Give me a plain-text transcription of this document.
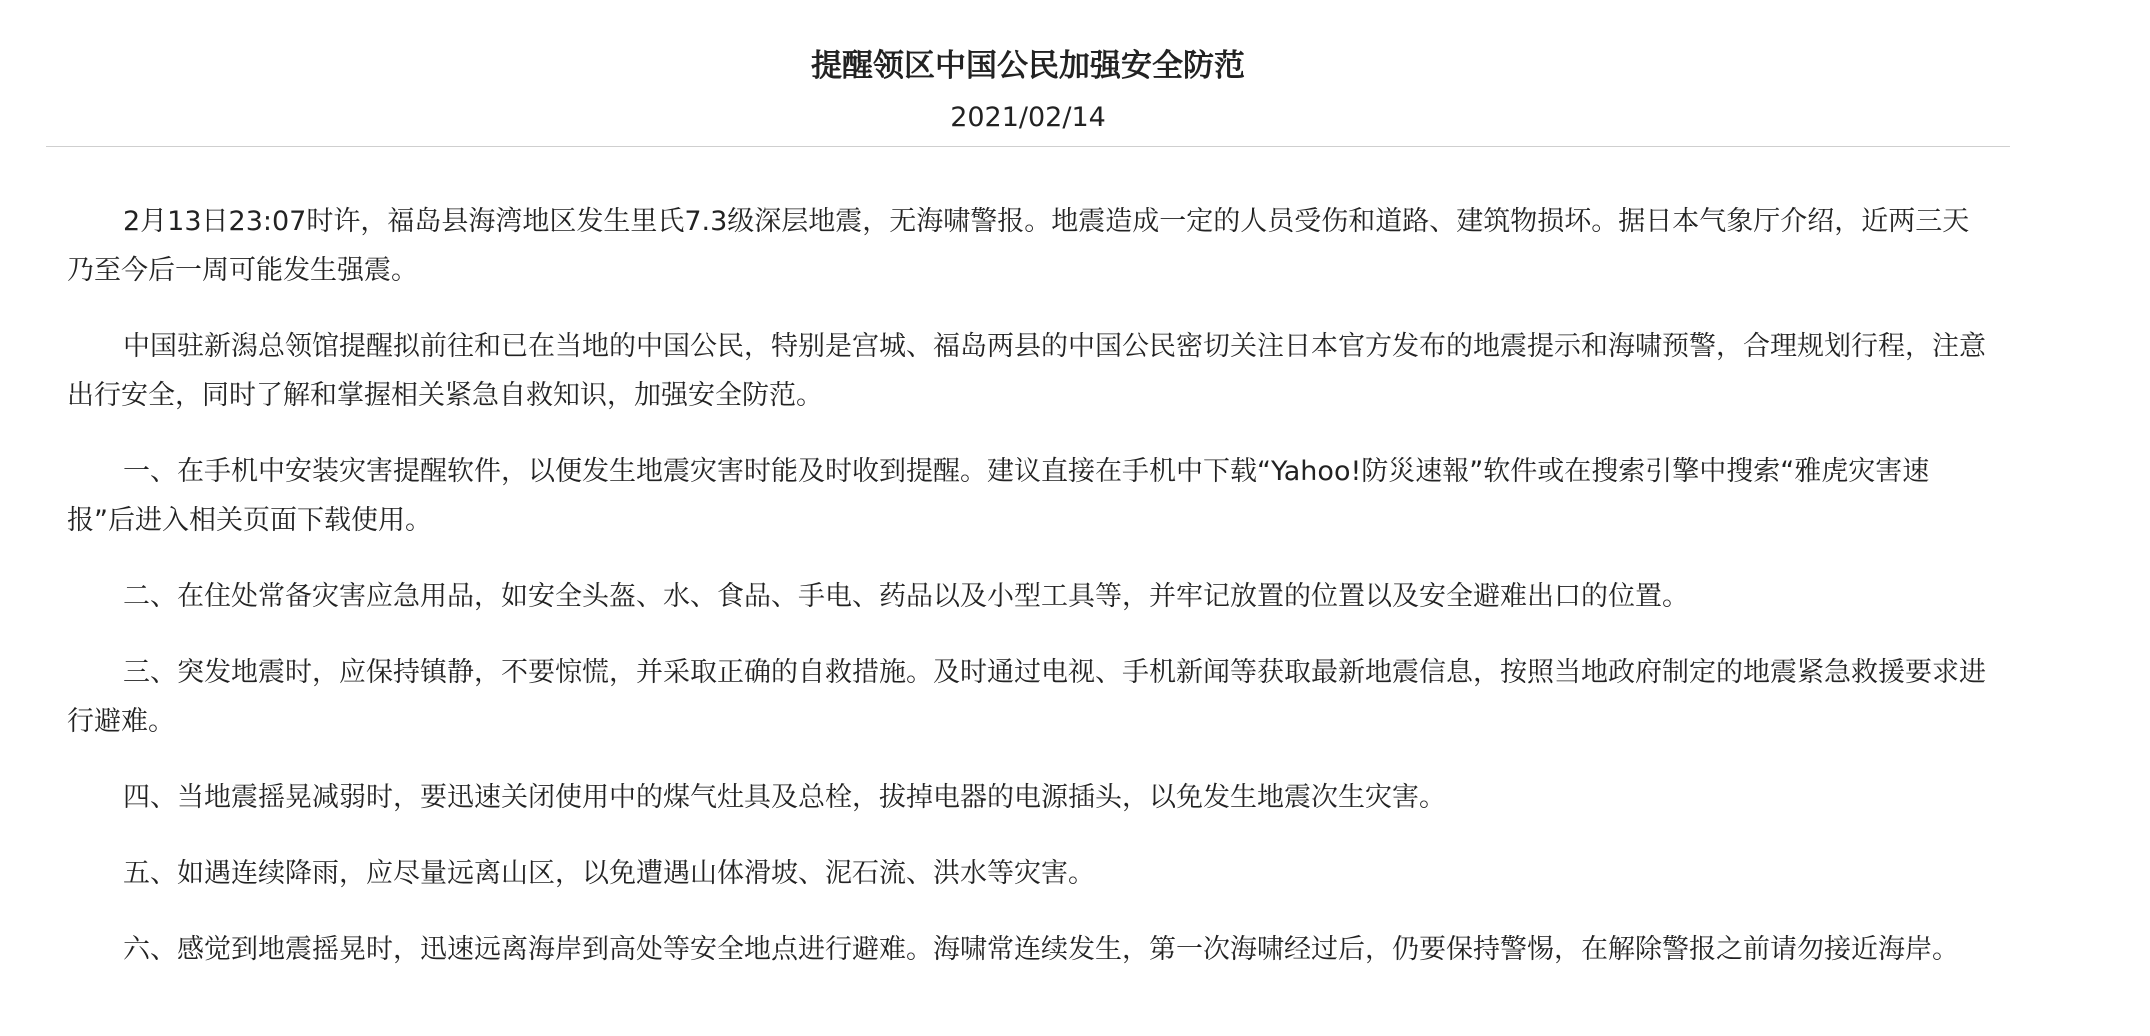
提醒领区中国公民加强安全防范
2021/02/14

2月13日23:07时许，福岛县海湾地区发生里氏7.3级深层地震，无海啸警报。地震造成一定的人员受伤和道路、建筑物损坏。据日本气象厅介绍，近两三天乃至今后一周可能发生强震。

中国驻新潟总领馆提醒拟前往和已在当地的中国公民，特别是宫城、福岛两县的中国公民密切关注日本官方发布的地震提示和海啸预警，合理规划行程，注意出行安全，同时了解和掌握相关紧急自救知识，加强安全防范。

一、在手机中安装灾害提醒软件，以便发生地震灾害时能及时收到提醒。建议直接在手机中下载“Yahoo!防災速報”软件或在搜索引擎中搜索“雅虎灾害速报”后进入相关页面下载使用。

二、在住处常备灾害应急用品，如安全头盔、水、食品、手电、药品以及小型工具等，并牢记放置的位置以及安全避难出口的位置。

三、突发地震时，应保持镇静，不要惊慌，并采取正确的自救措施。及时通过电视、手机新闻等获取最新地震信息，按照当地政府制定的地震紧急救援要求进行避难。

四、当地震摇晃减弱时，要迅速关闭使用中的煤气灶具及总栓，拔掉电器的电源插头，以免发生地震次生灾害。

五、如遇连续降雨，应尽量远离山区，以免遭遇山体滑坡、泥石流、洪水等灾害。

六、感觉到地震摇晃时，迅速远离海岸到高处等安全地点进行避难。海啸常连续发生，第一次海啸经过后，仍要保持警惕，在解除警报之前请勿接近海岸。
